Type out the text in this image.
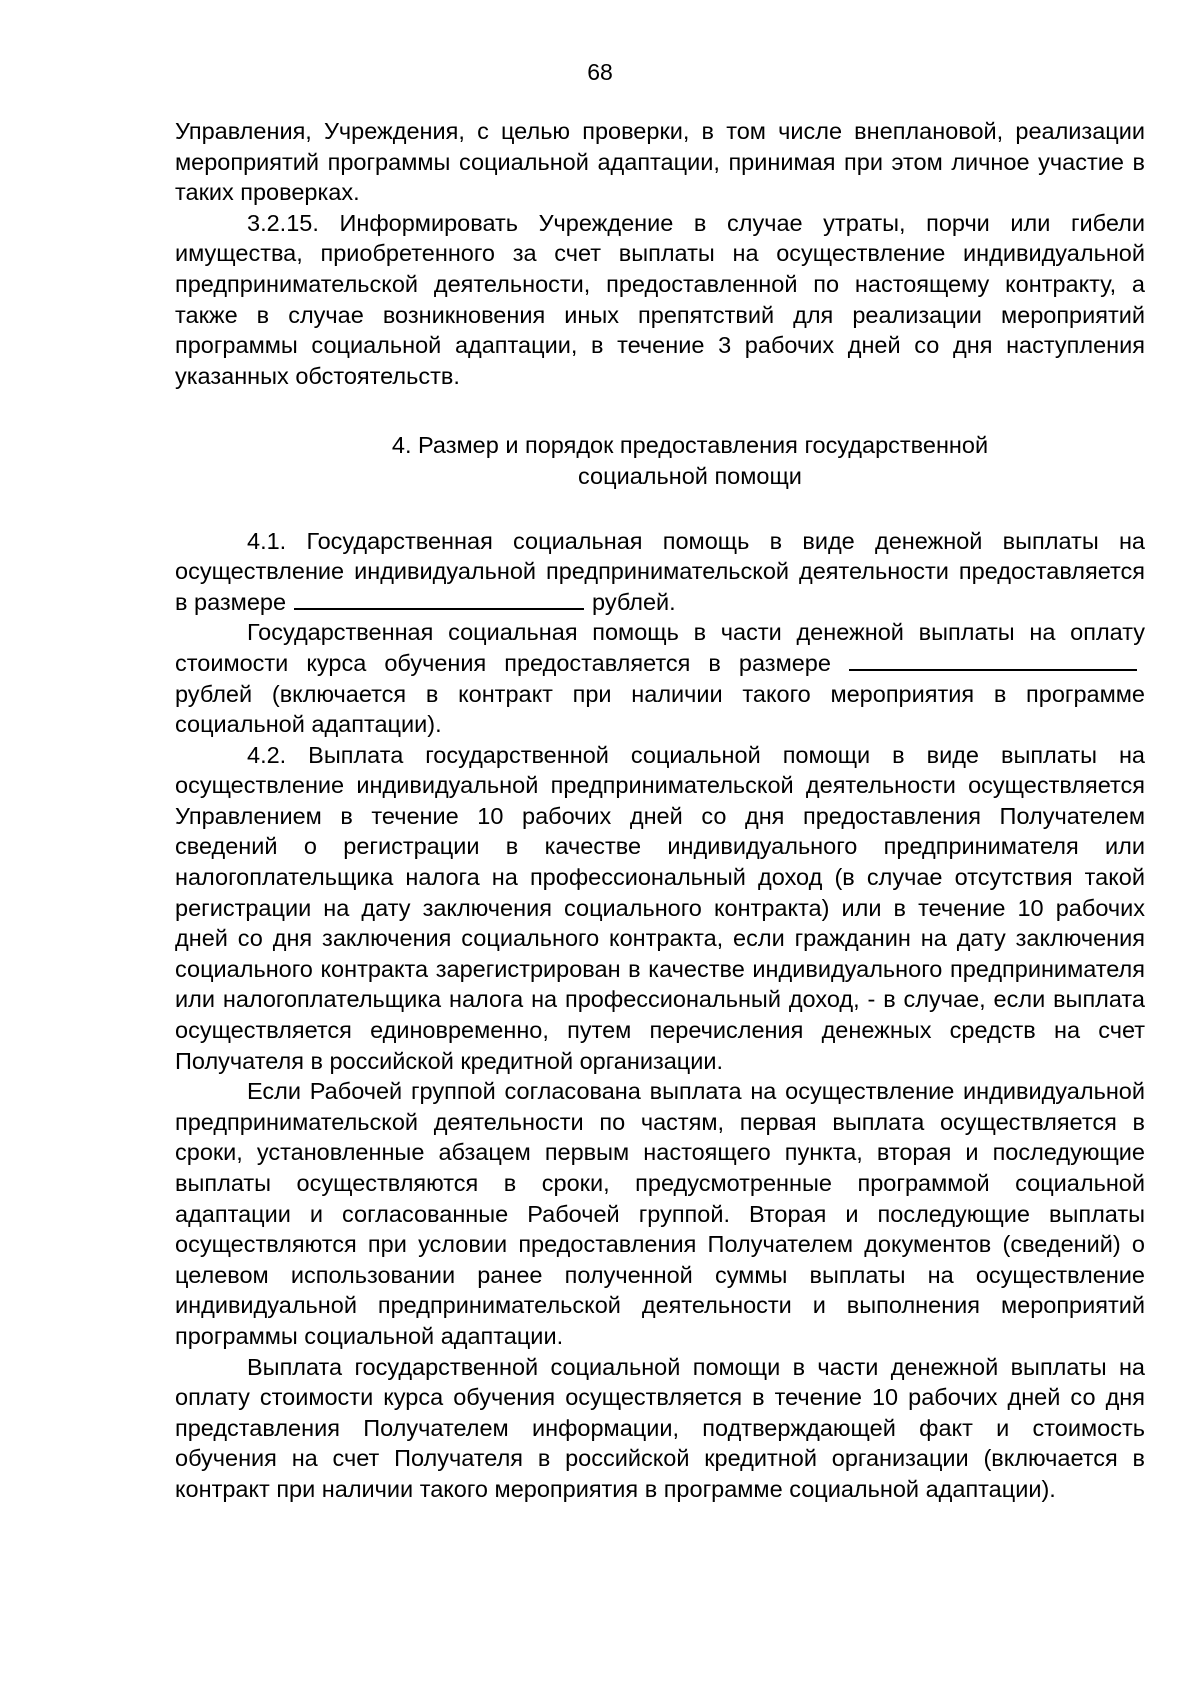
68

Управления, Учреждения, с целью проверки, в том числе внеплановой, реализации мероприятий программы социальной адаптации, принимая при этом личное участие в таких проверках.

3.2.15. Информировать Учреждение в случае утраты, порчи или гибели имущества, приобретенного за счет выплаты на осуществление индивидуальной предпринимательской деятельности, предоставленной по настоящему контракту, а также в случае возникновения иных препятствий для реализации мероприятий программы социальной адаптации, в течение 3 рабочих дней со дня наступления указанных обстоятельств.

4. Размер и порядок предоставления государственной
социальной помощи

4.1. Государственная социальная помощь в виде денежной выплаты на осуществление индивидуальной предпринимательской деятельности предоставляется в размере	рублей.

Государственная социальная помощь в части денежной выплаты на оплату стоимости курса обучения предоставляется в размере рублей (включается в контракт при наличии такого мероприятия в программе социальной адаптации).

4.2. Выплата государственной социальной помощи в виде выплаты на осуществление индивидуальной предпринимательской деятельности осуществляется Управлением в течение 10 рабочих дней со дня предоставления Получателем сведений о регистрации в качестве индивидуального предпринимателя или налогоплательщика налога на профессиональный доход (в случае отсутствия такой регистрации на дату заключения социального контракта) или в течение 10 рабочих дней со дня заключения социального контракта, если гражданин на дату заключения социального контракта зарегистрирован в качестве индивидуального предпринимателя или налогоплательщика налога на профессиональный доход, - в случае, если выплата осуществляется единовременно, путем перечисления денежных средств на счет Получателя в российской кредитной организации.

Если Рабочей группой согласована выплата на осуществление индивидуальной предпринимательской деятельности по частям, первая выплата осуществляется в сроки, установленные абзацем первым настоящего пункта, вторая и последующие выплаты осуществляются в сроки, предусмотренные программой социальной адаптации и согласованные Рабочей группой. Вторая и последующие выплаты осуществляются при условии предоставления Получателем документов (сведений) о целевом использовании ранее полученной суммы выплаты на осуществление индивидуальной предпринимательской деятельности и выполнения мероприятий программы социальной адаптации.

Выплата государственной социальной помощи в части денежной выплаты на оплату стоимости курса обучения осуществляется в течение 10 рабочих дней со дня представления Получателем информации, подтверждающей факт и стоимость обучения на счет Получателя в российской кредитной организации (включается в контракт при наличии такого мероприятия в программе социальной адаптации).
